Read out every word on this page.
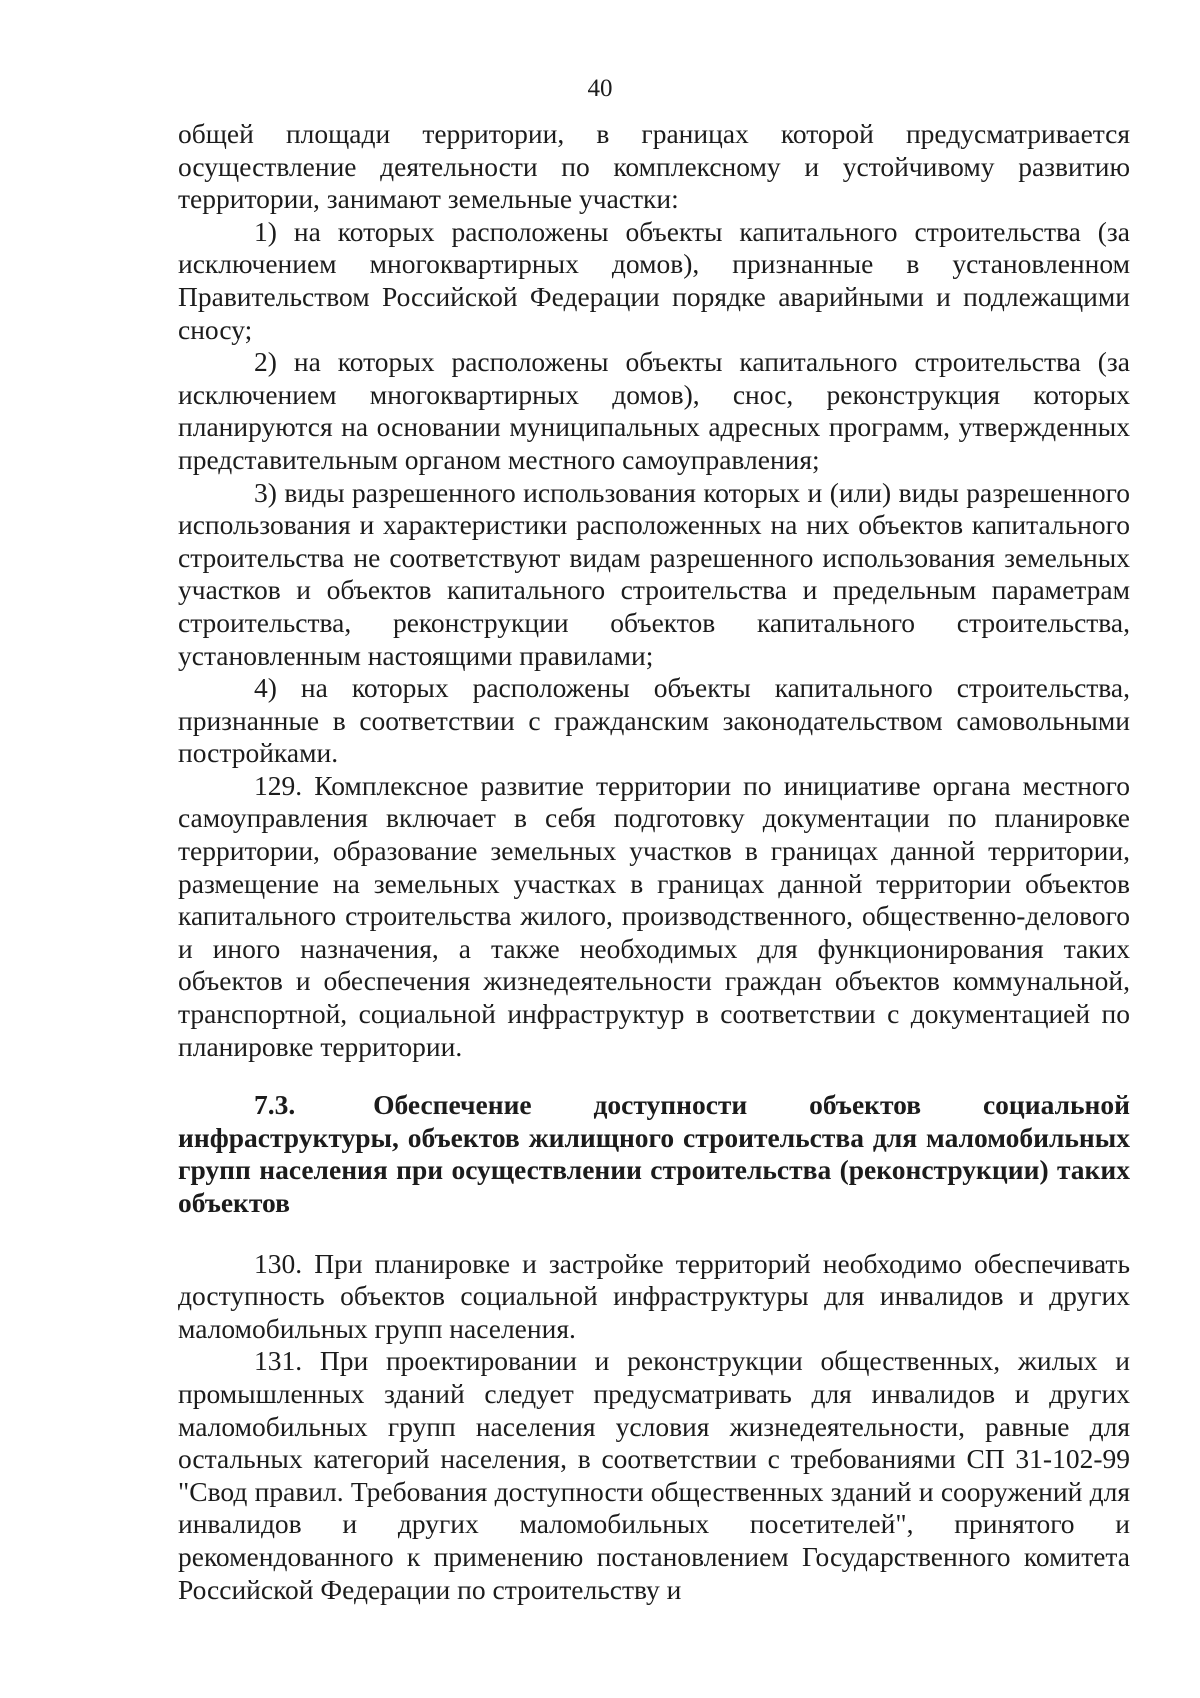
40

общей площади территории, в границах которой предусматривается осуществление деятельности по комплексному и устойчивому развитию территории, занимают земельные участки:

1) на которых расположены объекты капитального строительства (за исключением многоквартирных домов), признанные в установленном Правительством Российской Федерации порядке аварийными и подлежащими сносу;

2) на которых расположены объекты капитального строительства (за исключением многоквартирных домов), снос, реконструкция которых планируются на основании муниципальных адресных программ, утвержденных представительным органом местного самоуправления;

3) виды разрешенного использования которых и (или) виды разрешенного использования и характеристики расположенных на них объектов капитального строительства не соответствуют видам разрешенного использования земельных участков и объектов капитального строительства и предельным параметрам строительства, реконструкции объектов капитального строительства, установленным настоящими правилами;

4) на которых расположены объекты капитального строительства, признанные в соответствии с гражданским законодательством самовольными постройками.

129. Комплексное развитие территории по инициативе органа местного самоуправления включает в себя подготовку документации по планировке территории, образование земельных участков в границах данной территории, размещение на земельных участках в границах данной территории объектов капитального строительства жилого, производственного, общественно-делового и иного назначения, а также необходимых для функционирования таких объектов и обеспечения жизнедеятельности граждан объектов коммунальной, транспортной, социальной инфраструктур в соответствии с документацией по планировке территории.

7.3.	Обеспечение доступности объектов социальной инфраструктуры, объектов жилищного строительства для маломобильных групп населения при осуществлении строительства (реконструкции) таких объектов

130. При планировке и застройке территорий необходимо обеспечивать доступность объектов социальной инфраструктуры для инвалидов и других маломобильных групп населения.

131. При проектировании и реконструкции общественных, жилых и промышленных зданий следует предусматривать для инвалидов и других маломобильных групп населения условия жизнедеятельности, равные для остальных категорий населения, в соответствии с требованиями СП 31-102-99 "Свод правил. Требования доступности общественных зданий и сооружений для инвалидов и других маломобильных посетителей", принятого и рекомендованного к применению постановлением Государственного комитета Российской Федерации по строительству и
